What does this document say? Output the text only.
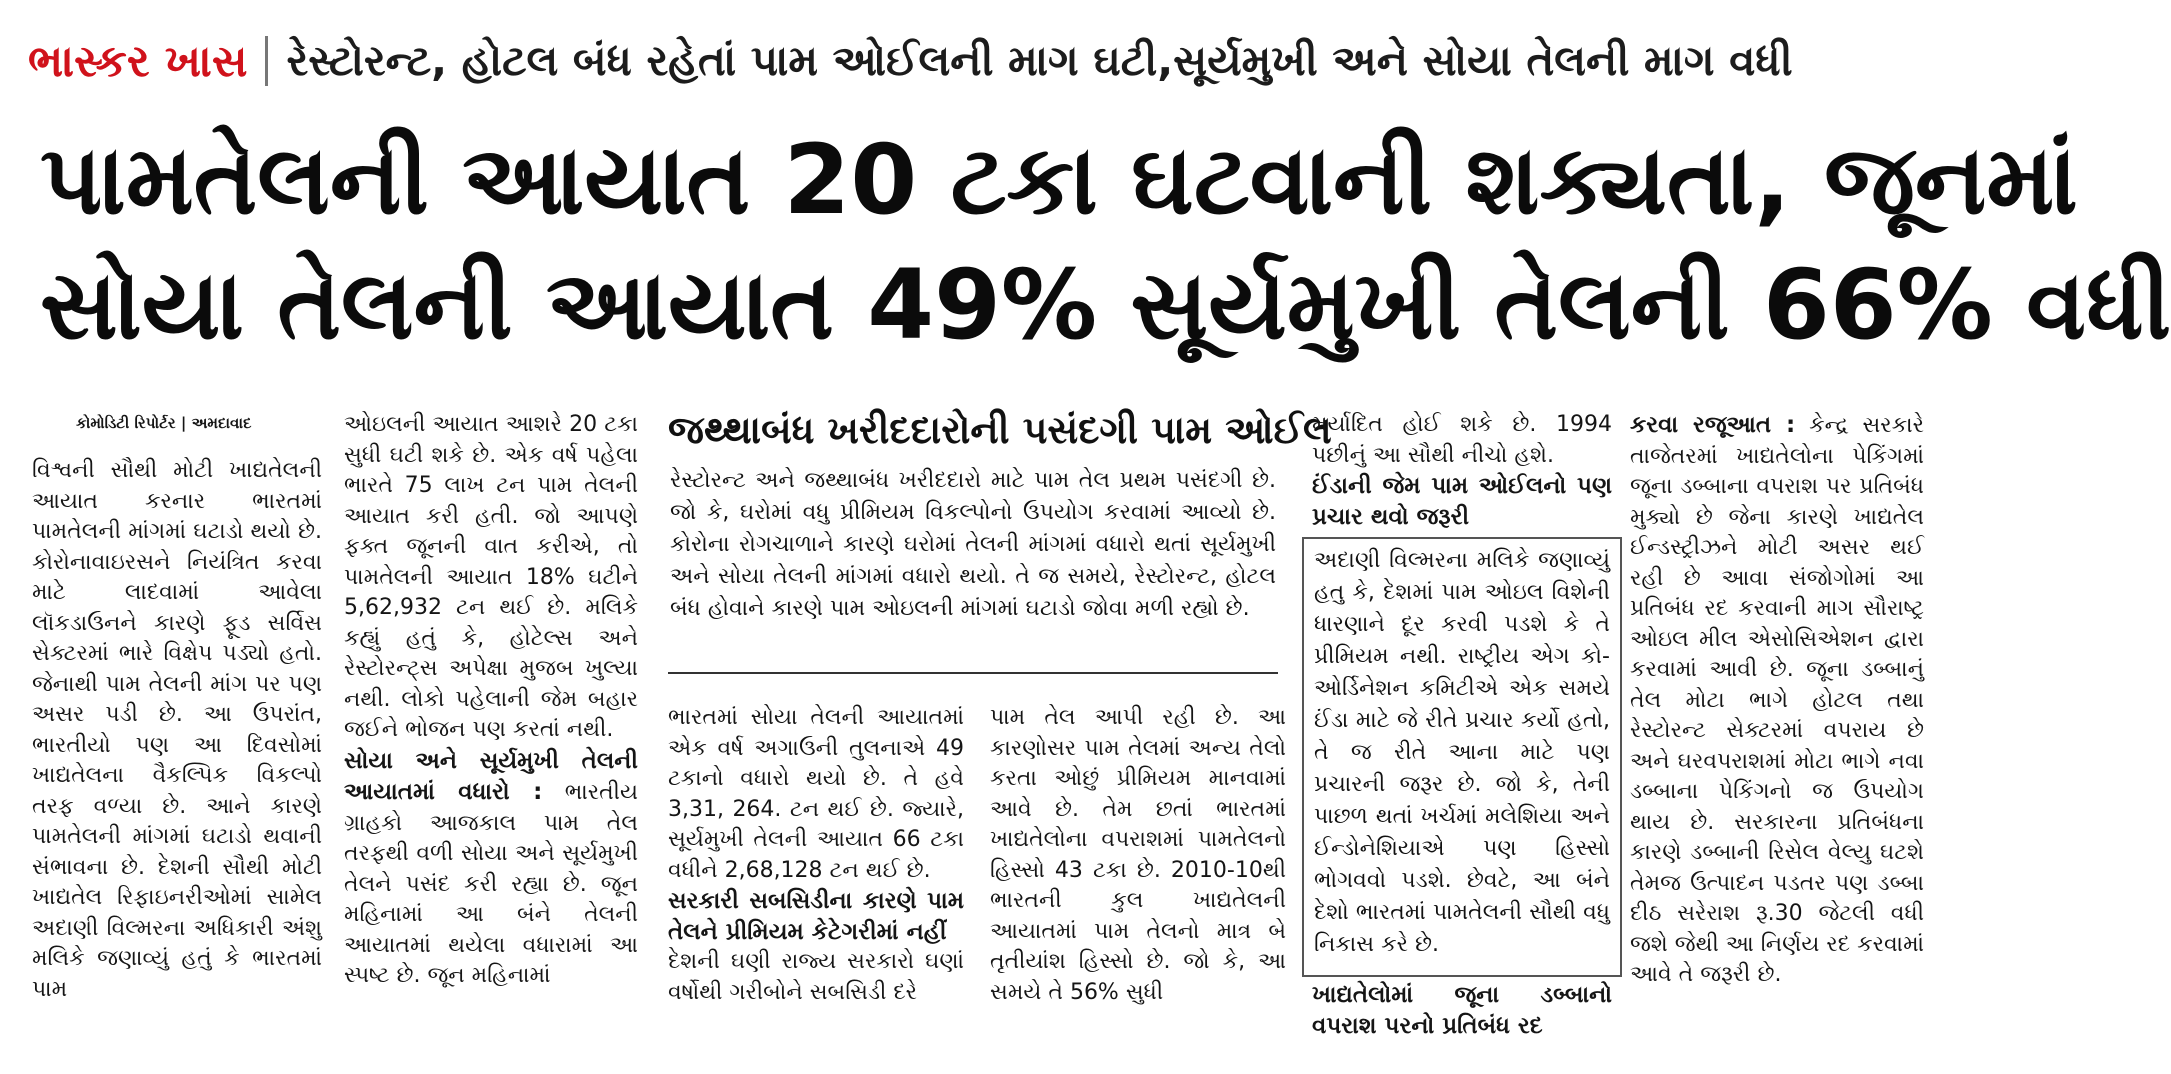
ભાસ્કર ખાસ રેસ્ટોરન્ટ, હોટલ બંધ રહેતાં પામ ઓઈલની માગ ઘટી,સૂર્યમુખી અને સોયા તેલની માગ વધી
પામતેલની આયાત 20 ટકા ઘટવાની શક્યતા, જૂનમાં
સોયા તેલની આયાત 49% સૂર્યમુખી તેલની 66% વધી
કોમોડિટી રિપોર્ટર | અમદાવાદ

વિશ્વની સૌથી મોટી ખાદ્યતેલની આયાત કરનાર ભારતમાં પામતેલની માંગમાં ઘટાડો થયો છે. કોરોનાવાઇરસને નિયંત્રિત કરવા માટે લાદવામાં આવેલા લૉકડાઉનને કારણે ફૂડ સર્વિસ સેક્ટરમાં ભારે વિક્ષેપ પડ્યો હતો. જેનાથી પામ તેલની માંગ પર પણ અસર પડી છે. આ ઉપરાંત, ભારતીયો પણ આ દિવસોમાં ખાદ્યતેલના વૈકલ્પિક વિકલ્પો તરફ વળ્યા છે. આને કારણે પામતેલની માંગમાં ઘટાડો થવાની સંભાવના છે. દેશની સૌથી મોટી ખાદ્યતેલ રિફાઇનરીઓમાં સામેલ અદાણી વિલ્મરના અધિકારી અંશુ મલિકે જણાવ્યું હતું કે ભારતમાં પામ

ઓઇલની આયાત આશરે 20 ટકા સુધી ઘટી શકે છે. એક વર્ષ પહેલા ભારતે 75 લાખ ટન પામ તેલની આયાત કરી હતી. જો આપણે ફક્ત જૂનની વાત કરીએ, તો પામતેલની આયાત 18% ઘટીને 5,62,932 ટન થઈ છે. મલિકે કહ્યું હતું કે, હોટેલ્સ અને રેસ્ટોરન્ટ્સ અપેક્ષા મુજબ ખુલ્યા નથી. લોકો પહેલાની જેમ બહાર જઈને ભોજન પણ કરતાં નથી.

સોયા અને સૂર્યમુખી તેલની આયાતમાં વધારો : ભારતીય ગ્રાહકો આજકાલ પામ તેલ તરફથી વળી સોયા અને સૂર્યમુખી તેલને પસંદ કરી રહ્યા છે. જૂન મહિનામાં આ બંને તેલની આયાતમાં થયેલા વધારામાં આ સ્પષ્ટ છે. જૂન મહિનામાં

જથ્થાબંધ ખરીદદારોની પસંદગી પામ ઓઈલ

રેસ્ટોરન્ટ અને જથ્થાબંધ ખરીદદારો માટે પામ તેલ પ્રથમ પસંદગી છે. જો કે, ઘરોમાં વધુ પ્રીમિયમ વિકલ્પોનો ઉપયોગ કરવામાં આવ્યો છે. કોરોના રોગચાળાને કારણે ઘરોમાં તેલની માંગમાં વધારો થતાં સૂર્યમુખી અને સોયા તેલની માંગમાં વધારો થયો. તે જ સમયે, રેસ્ટોરન્ટ, હોટલ બંધ હોવાને કારણે પામ ઓઇલની માંગમાં ઘટાડો જોવા મળી રહ્યો છે.

ભારતમાં સોયા તેલની આયાતમાં એક વર્ષ અગાઉની તુલનાએ 49 ટકાનો વધારો થયો છે. તે હવે 3,31, 264. ટન થઈ છે. જ્યારે, સૂર્યમુખી તેલની આયાત 66 ટકા વધીને 2,68,128 ટન થઈ છે.

સરકારી સબસિડીના કારણે પામ તેલને પ્રીમિયમ કેટેગરીમાં નહીં

દેશની ઘણી રાજ્ય સરકારો ઘણાં વર્ષોથી ગરીબોને સબસિડી દરે

પામ તેલ આપી રહી છે. આ કારણોસર પામ તેલમાં અન્ય તેલો કરતા ઓછું પ્રીમિયમ માનવામાં આવે છે. તેમ છતાં ભારતમાં ખાદ્યતેલોના વપરાશમાં પામતેલનો હિસ્સો 43 ટકા છે. 2010-10થી ભારતની કુલ ખાદ્યતેલની આયાતમાં પામ તેલનો માત્ર બે તૃતીયાંશ હિસ્સો છે. જો કે, આ સમયે તે 56% સુધી

મર્યાદિત હોઈ શકે છે. 1994 પછીનું આ સૌથી નીચો હશે.

ઈંડાની જેમ પામ ઓઈલનો પણ પ્રચાર થવો જરૂરી

ખાદ્યતેલોમાં જૂના ડબ્બાનો વપરાશ પરનો પ્રતિબંધ રદ

અદાણી વિલ્મરના મલિકે જણાવ્યું હતુ કે, દેશમાં પામ ઓઇલ વિશેની ધારણાને દૂર કરવી પડશે કે તે પ્રીમિયમ નથી. રાષ્ટ્રીય એગ કો-ઓર્ડિનેશન કમિટીએ એક સમયે ઈંડા માટે જે રીતે પ્રચાર કર્યો હતો, તે જ રીતે આના માટે પણ પ્રચારની જરૂર છે. જો કે, તેની પાછળ થતાં ખર્ચમાં મલેશિયા અને ઈન્ડોનેશિયાએ પણ હિસ્સો ભોગવવો પડશે. છેવટે, આ બંને દેશો ભારતમાં પામતેલની સૌથી વધુ નિકાસ કરે છે.

કરવા રજૂઆત : કેન્દ્ર સરકારે તાજેતરમાં ખાદ્યતેલોના પેકિંગમાં જૂના ડબ્બાના વપરાશ પર પ્રતિબંધ મુક્યો છે જેના કારણે ખાદ્યતેલ ઈન્ડસ્ટ્રીઝને મોટી અસર થઈ રહી છે આવા સંજોગોમાં આ પ્રતિબંધ રદ કરવાની માગ સૌરાષ્ટ્ર ઓઇલ મીલ એસોસિએશન દ્વારા કરવામાં આવી છે. જૂના ડબ્બાનું તેલ મોટા ભાગે હોટલ તથા રેસ્ટોરન્ટ સેક્ટરમાં વપરાય છે અને ઘરવપરાશમાં મોટા ભાગે નવા ડબ્બાના પેકિંગનો જ ઉપયોગ થાય છે. સરકારના પ્રતિબંધના કારણે ડબ્બાની રિસેલ વેલ્યુ ઘટશે તેમજ ઉત્પાદન પડતર પણ ડબ્બા દીઠ સરેરાશ રૂ.30 જેટલી વધી જશે જેથી આ નિર્ણય રદ કરવામાં આવે તે જરૂરી છે.
